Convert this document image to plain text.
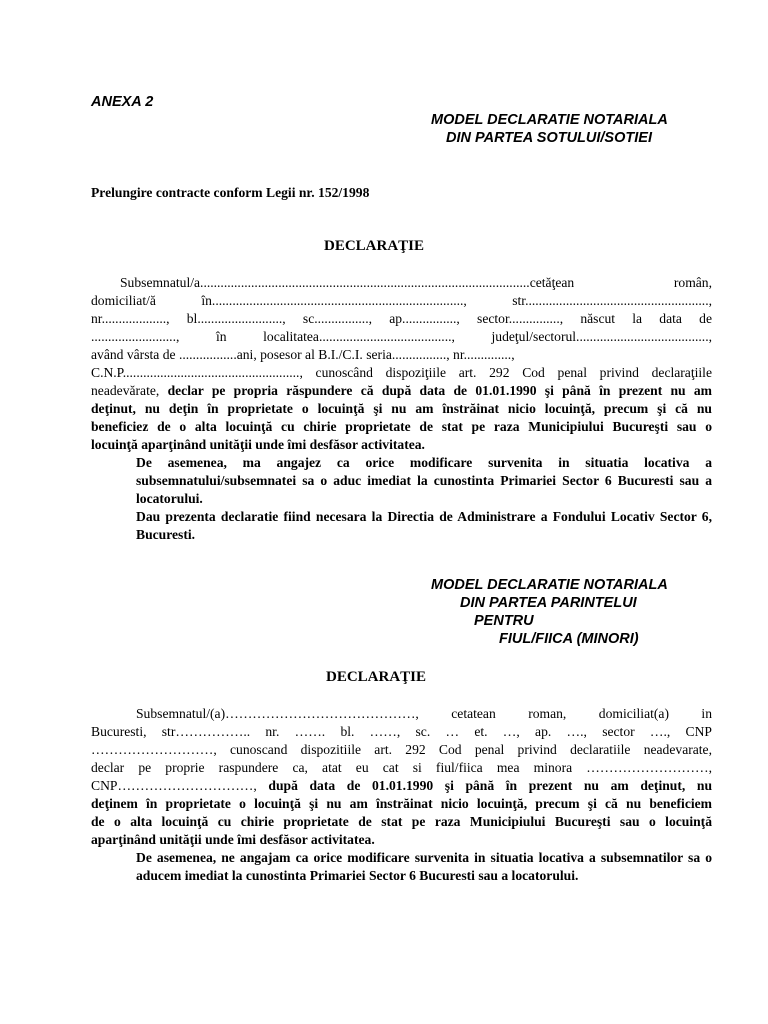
ANEXA 2
MODEL DECLARATIE NOTARIALA
DIN PARTEA SOTULUI/SOTIEI
Prelungire contracte conform Legii nr. 152/1998
DECLARAŢIE
Subsemnatul/a.................................................................................................cetăţean român,
domiciliat/ă în.........................................................................., str......................................................,
nr..................., bl........................., sc................, ap................, sector..............., născut la data de
........................., în localitatea......................................., judeţul/sectorul.......................................,
având vârsta de .................ani, posesor al B.I./C.I. seria................, nr..............,
C.N.P...................................................., cunoscând dispoziţiile art. 292 Cod penal privind declaraţiile
neadevărate, declar pe propria răspundere că după data de 01.01.1990 şi până în prezent nu am
deţinut, nu deţin în proprietate o locuinţă şi nu am înstrăinat nicio locuinţă, precum şi că nu
beneficiez de o alta locuinţă cu chirie proprietate de stat pe raza Municipiului Bucureşti sau o
locuinţă aparţinând unităţii unde îmi desfăsor activitatea.
De asemenea, ma angajez ca orice modificare survenita in situatia locativa a subsemnatului/subsemnatei sa o aduc imediat la cunostinta Primariei Sector 6 Bucuresti sau a locatorului.
Dau prezenta declaratie fiind necesara la Directia de Administrare a Fondului Locativ Sector 6, Bucuresti.
MODEL DECLARATIE NOTARIALA
DIN PARTEA PARINTELUI
PENTRU
FIUL/FIICA (MINORI)
DECLARAŢIE
Subsemnatul/(a)……………………………………, cetatean roman, domiciliat(a) in
Bucuresti, str…………….. nr. ……. bl. ……, sc. … et. …, ap. …., sector …., CNP
………………………, cunoscand dispozitiile art. 292 Cod penal privind declaratiile neadevarate,
declar pe proprie raspundere ca, atat eu cat si fiul/fiica mea minora ………………………,
CNP…………………………, după data de 01.01.1990 şi până în prezent nu am deţinut, nu
deţinem în proprietate o locuinţă şi nu am înstrăinat nicio locuinţă, precum şi că nu beneficiem
de o alta locuinţă cu chirie proprietate de stat pe raza Municipiului Bucureşti sau o locuinţă
aparţinând unităţii unde îmi desfăsor activitatea.
De asemenea, ne angajam ca orice modificare survenita in situatia locativa a subsemnatilor sa o aducem imediat la cunostinta Primariei Sector 6 Bucuresti sau a locatorului.
